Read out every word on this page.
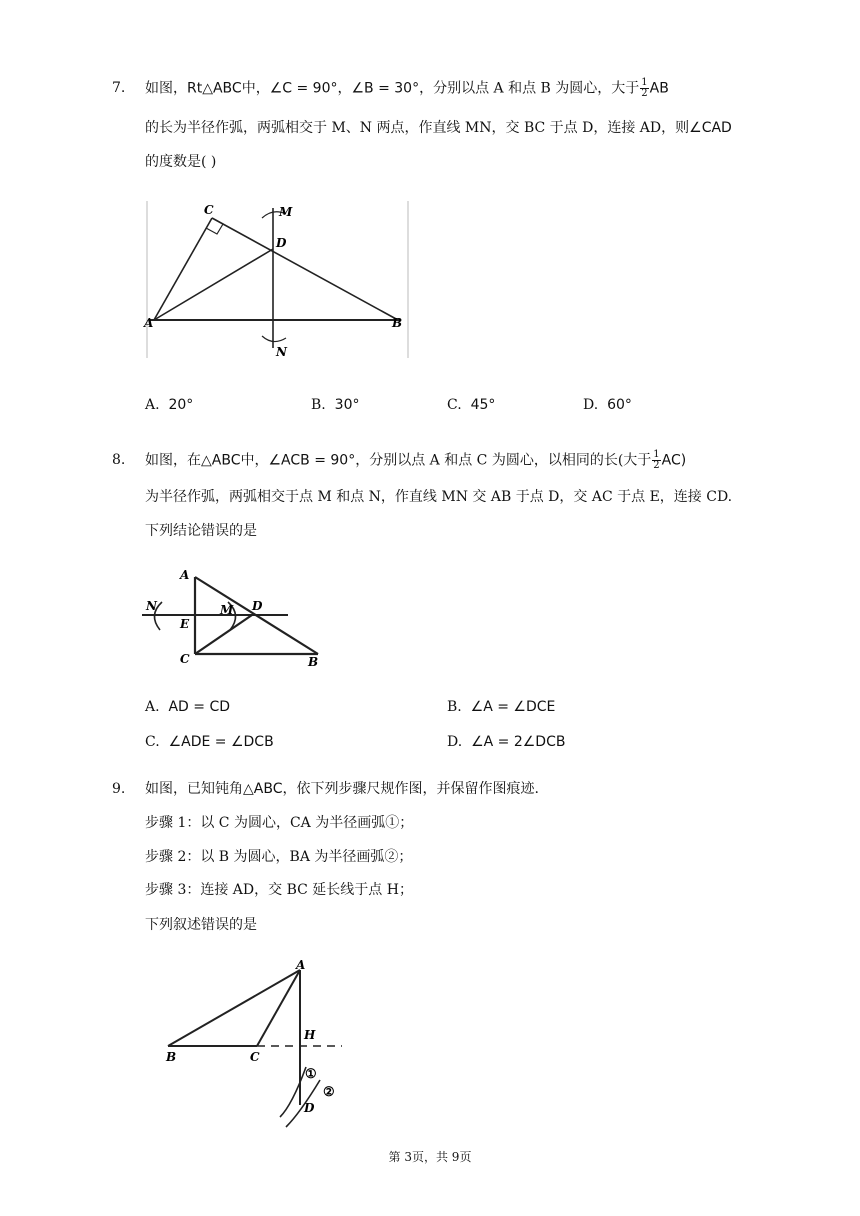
7. 如图，Rt△ABC中，∠C = 90°，∠B = 30°，分别以点 A 和点 B 为圆心，大于 $\frac{1}{2}$ AB
的长为半径作弧，两弧相交于 M、N 两点，作直线 MN，交 BC 于点 D，连接 AD，则∠CAD
的度数是( )
C	M
D
A	B
N
A. 20°	B. 30°	C. 45°	D. 60°
8. 如图，在△ABC中，∠ACB = 90°，分别以点 A 和点 C 为圆心，以相同的长(大于 $\frac{1}{2} AC$)
为半径作弧，两弧相交于点 M 和点 N，作直线 MN 交 AB 于点 D，交 AC 于点 E，连接 CD.
下列结论错误的是
A
N	M D
E
C	B
A. AD = CD	B. ∠A = ∠DCE
C. ∠ADE = ∠DCB	D. ∠A = 2∠DCB
9. 如图，已知钝角△ABC，依下列步骤尺规作图，并保留作图痕迹.
步骤 1：以 C 为圆心，CA 为半径画弧①；
步骤 2：以 B 为圆心，BA 为半径画弧②；
步骤 3：连接 AD，交 BC 延长线于点 H；
下列叙述错误的是
A
H
B	C
D
①
②
第 3页，共 9页
